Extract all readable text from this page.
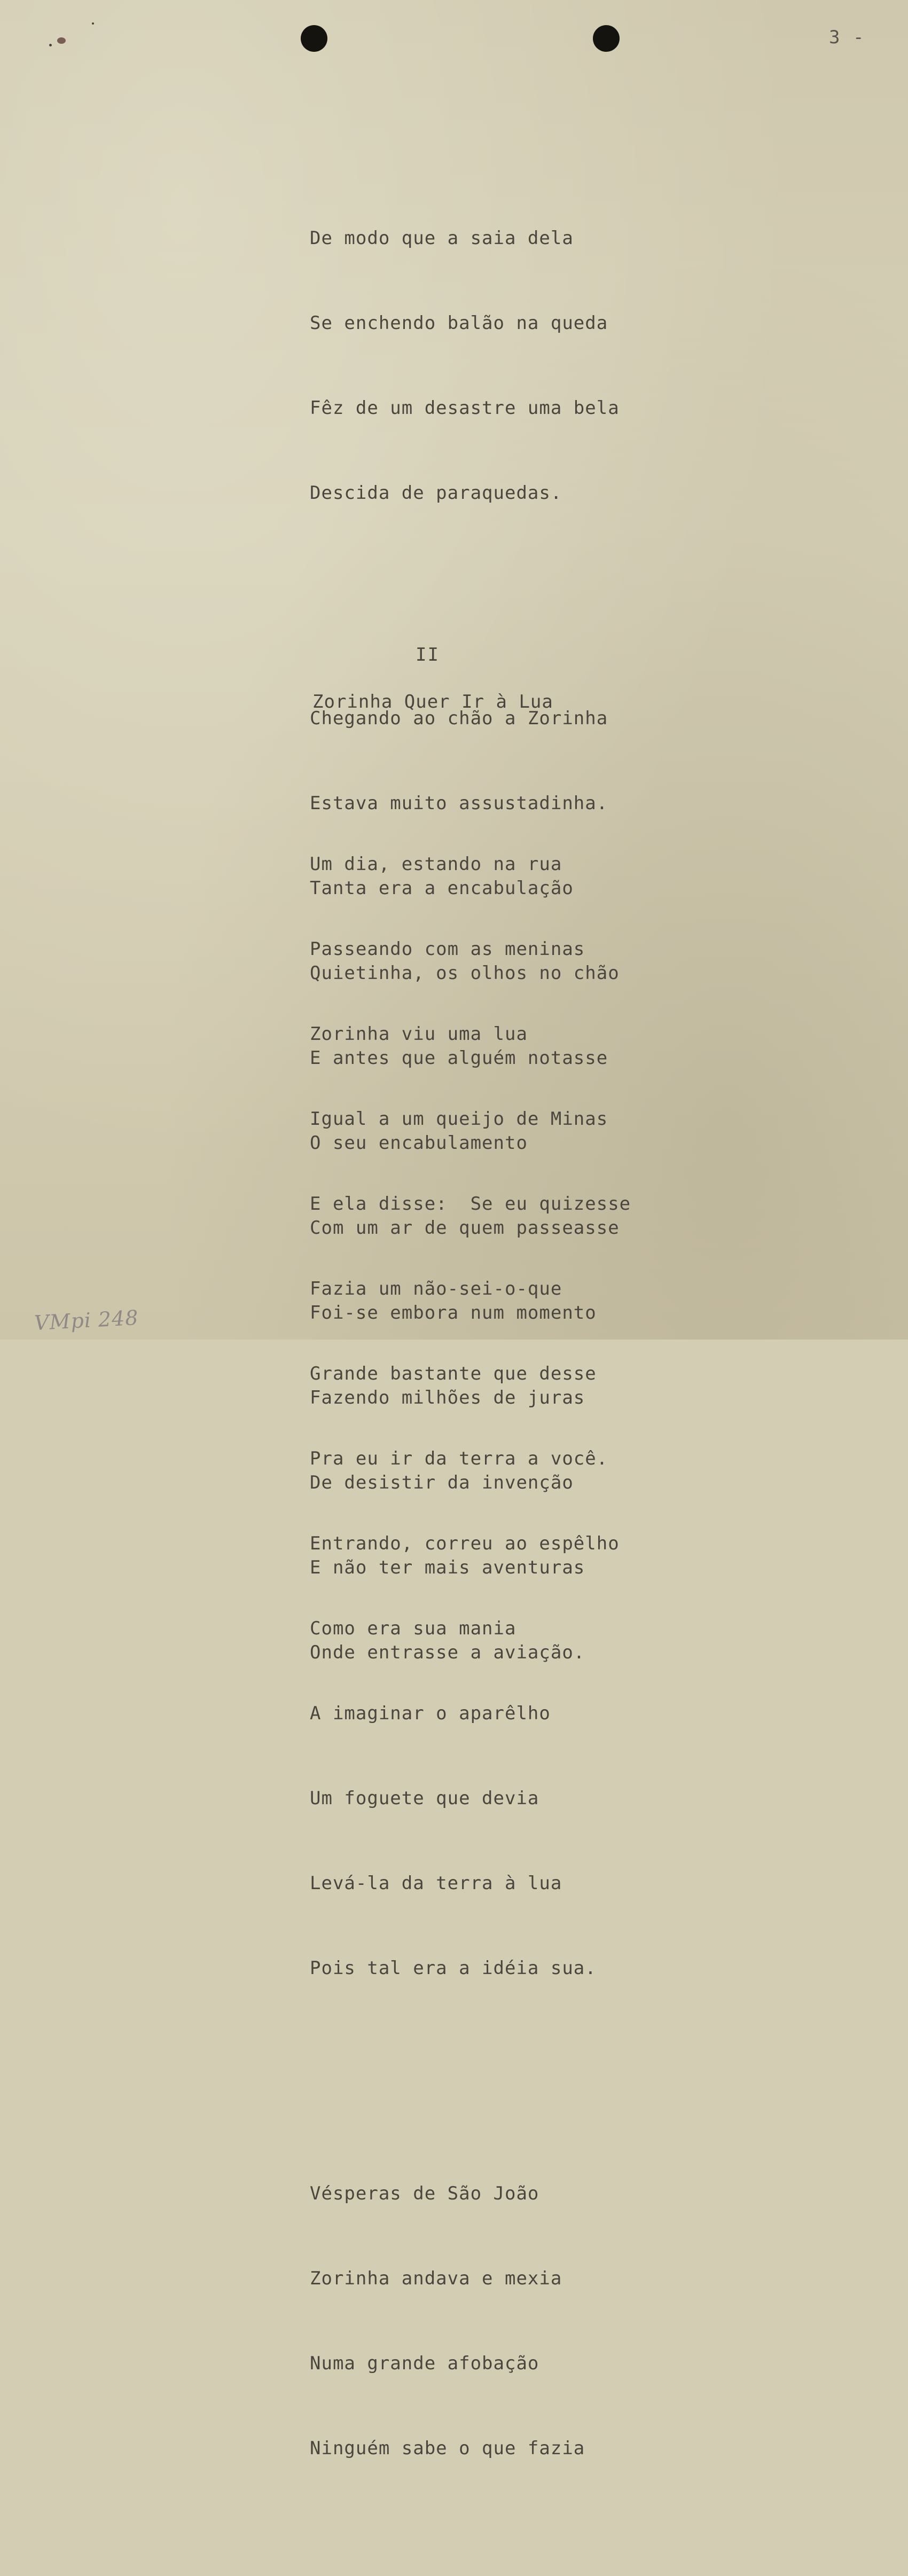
3 -

De modo que a saia dela

Se enchendo balão na queda

Fêz de um desastre uma bela

Descida de paraquedas.

Chegando ao chão a Zorinha

Estava muito assustadinha.

Tanta era a encabulação

Quietinha, os olhos no chão

E antes que alguém notasse

O seu encabulamento

Com um ar de quem passeasse

Foi-se embora num momento

Fazendo milhões de juras

De desistir da invenção

E não ter mais aventuras

Onde entrasse a aviação.

II
Zorinha Quer Ir à Lua

Um dia, estando na rua

Passeando com as meninas

Zorinha viu uma lua

Igual a um queijo de Minas

E ela disse:  Se eu quizesse

Fazia um não-sei-o-que

Grande bastante que desse

Pra eu ir da terra a você.

Entrando, correu ao espêlho

Como era sua mania

A imaginar o aparêlho

Um foguete que devia

Levá-la da terra à lua

Pois tal era a idéia sua.

Vésperas de São João

Zorinha andava e mexia

Numa grande afobação

Ninguém sabe o que fazia

VMpi 248
